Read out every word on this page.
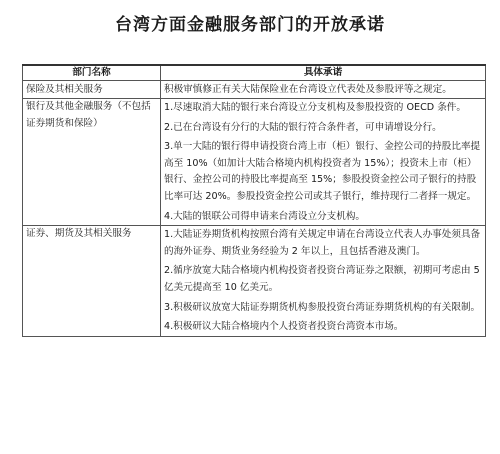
台湾方面金融服务部门的开放承诺
部门名称	具体承诺
保险及其相关服务	积极审慎修正有关大陆保险业在台湾设立代表处及参股评等之规定。

银行及其他金融服务（不包括证券期货和保险）	1.尽速取消大陆的银行来台湾设立分支机构及参股投资的 OECD 条件。
2.已在台湾设有分行的大陆的银行符合条件者，可申请增设分行。
3.单一大陆的银行得申请投资台湾上市（柜）银行、金控公司的持股比率提高至 10%（如加计大陆合格境内机构投资者为 15%）；投资未上市（柜）银行、金控公司的持股比率提高至 15%；参股投资金控公司子银行的持股比率可达 20%。参股投资金控公司或其子银行，维持现行二者择一规定。
4.大陆的银联公司得申请来台湾设立分支机构。

证券、期货及其相关服务	1.大陆证券期货机构按照台湾有关规定申请在台湾设立代表人办事处须具备的海外证券、期货业务经验为 2 年以上，且包括香港及澳门。
2.循序放宽大陆合格境内机构投资者投资台湾证券之限额，初期可考虑由 5 亿美元提高至 10 亿美元。
3.积极研议放宽大陆证券期货机构参股投资台湾证券期货机构的有关限制。
4.积极研议大陆合格境内个人投资者投资台湾资本市场。
